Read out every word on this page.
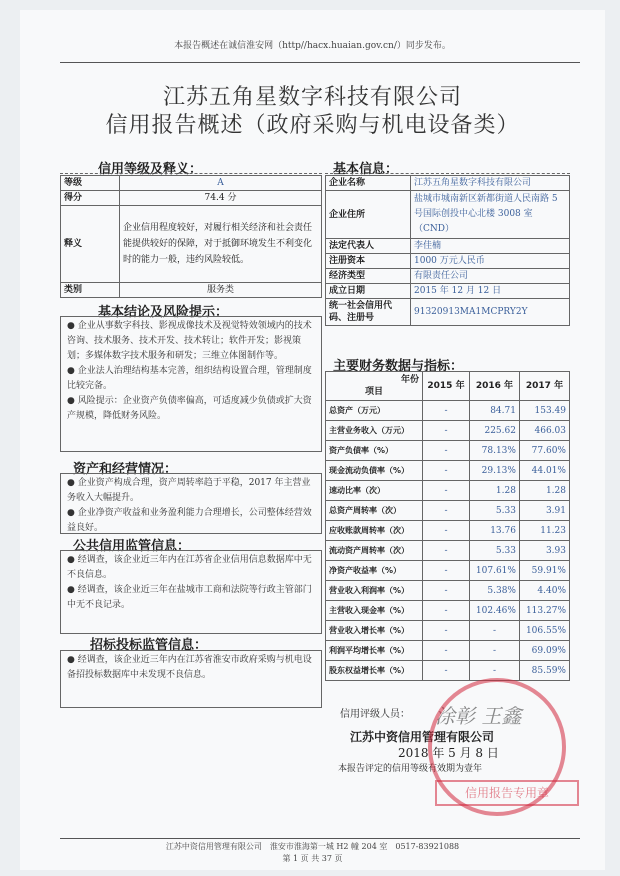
本报告概述在诚信淮安网（http//hacx.huaian.gov.cn/）同步发布。
江苏五角星数字科技有限公司
信用报告概述（政府采购与机电设备类）
信用等级及释义：
等级	A
得分	74.4 分
释义	企业信用程度较好，对履行相关经济和社会责任能提供较好的保障，对于抵御环境发生不利变化时的能力一般，违约风险较低。
类别	服务类
基本结论及风险提示：

● 企业从事数字科技、影视成像技术及视觉特效领域内的技术咨询、技术服务、技术开发、技术转让；软件开发；影视策划；多媒体数字技术服务和研发；三维立体图制作等。

● 企业法人治理结构基本完善，组织结构设置合理，管理制度比较完备。

● 风险提示：企业资产负债率偏高，可适度减少负债或扩大资产规模，降低财务风险。

资产和经营情况：

● 企业资产构成合理，资产周转率趋于平稳，2017 年主营业务收入大幅提升。

● 企业净资产收益和业务盈利能力合理增长，公司整体经营效益良好。

公共信用监管信息：

● 经调查，该企业近三年内在江苏省企业信用信息数据库中无不良信息。

● 经调查，该企业近三年在盐城市工商和法院等行政主管部门中无不良记录。

招标投标监管信息：

● 经调查，该企业近三年内在江苏省淮安市政府采购与机电设备招投标数据库中未发现不良信息。

基本信息：
企业名称	江苏五角星数字科技有限公司
企业住所	盐城市城南新区新都街道人民南路 5 号国际创投中心北楼 3008 室（CND）
法定代表人	李佳楠
注册资本	1000 万元人民币
经济类型	有限责任公司
成立日期	2015 年 12 月 12 日
统一社会信用代码、注册号	91320913MA1MCPRY2Y
主要财务数据与指标：
年份
项目	2015 年	2016 年	2017 年
总资产（万元）	-	84.71	153.49
主营业务收入（万元）	-	225.62	466.03
资产负债率（%）	-	78.13%	77.60%
现金流动负债率（%）	-	29.13%	44.01%
速动比率（次）	-	1.28	1.28
总资产周转率（次）	-	5.33	3.91
应收账款周转率（次）	-	13.76	11.23
流动资产周转率（次）	-	5.33	3.93
净资产收益率（%）	-	107.61%	59.91%
营业收入利润率（%）	-	5.38%	4.40%
主营收入现金率（%）	-	102.46%	113.27%
营业收入增长率（%）	-	-	106.55%
利润平均增长率（%）	-	-	69.09%
股东权益增长率（%）	-	-	85.59%
信用评级人员： 涂彰 王鑫
江苏中资信用管理有限公司
2018 年 5 月 8 日
本报告评定的信用等级有效期为壹年
信用报告专用章
江苏中资信用管理有限公司　淮安市淮海第一城 H2 幢 204 室　0517-83921088
第 1 页 共 37 页
